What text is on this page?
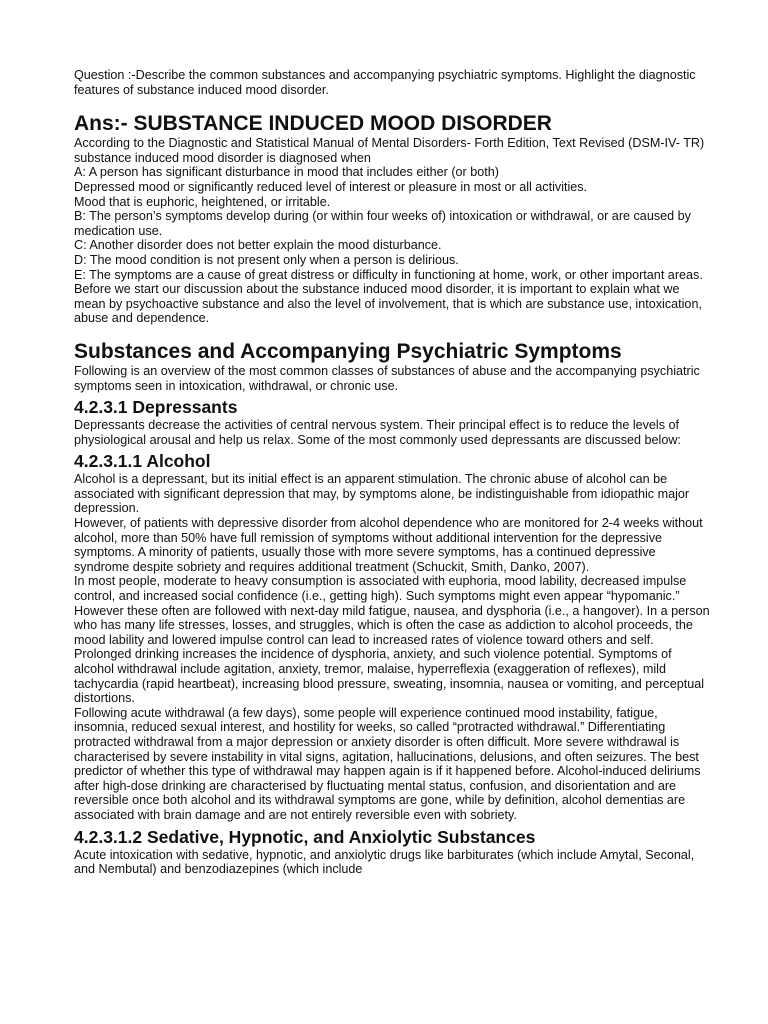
Question :-Describe the common substances and accompanying psychiatric symptoms. Highlight the diagnostic features of substance induced mood disorder.

Ans:- SUBSTANCE INDUCED MOOD DISORDER

According to the Diagnostic and Statistical Manual of Mental Disorders- Forth Edition, Text Revised (DSM-IV- TR) substance induced mood disorder is diagnosed when

A: A person has significant disturbance in mood that includes either (or both)

Depressed mood or significantly reduced level of interest or pleasure in most or all activities.

Mood that is euphoric, heightened, or irritable.

B: The person’s symptoms develop during (or within four weeks of) intoxication or withdrawal, or are caused by medication use.

C: Another disorder does not better explain the mood disturbance.

D: The mood condition is not present only when a person is delirious.

E: The symptoms are a cause of great distress or difficulty in functioning at home, work, or other important areas.

Before we start our discussion about the substance induced mood disorder, it is important to explain what we mean by psychoactive substance and also the level of involvement, that is which are substance use, intoxication, abuse and dependence.

Substances and Accompanying Psychiatric Symptoms

Following is an overview of the most common classes of substances of abuse and the accompanying psychiatric symptoms seen in intoxication, withdrawal, or chronic use.

4.2.3.1 Depressants

Depressants decrease the activities of central nervous system. Their principal effect is to reduce the levels of physiological arousal and help us relax. Some of the most commonly used depressants are discussed below:

4.2.3.1.1 Alcohol

Alcohol is a depressant, but its initial effect is an apparent stimulation. The chronic abuse of alcohol can be associated with significant depression that may, by symptoms alone, be indistinguishable from idiopathic major depression.

However, of patients with depressive disorder from alcohol dependence who are monitored for 2-4 weeks without alcohol, more than 50% have full remission of symptoms without additional intervention for the depressive symptoms. A minority of patients, usually those with more severe symptoms, has a continued depressive syndrome despite sobriety and requires additional treatment (Schuckit, Smith, Danko, 2007).

In most people, moderate to heavy consumption is associated with euphoria, mood lability, decreased impulse control, and increased social confidence (i.e., getting high). Such symptoms might even appear “hypomanic.” However these often are followed with next-day mild fatigue, nausea, and dysphoria (i.e., a hangover). In a person who has many life stresses, losses, and struggles, which is often the case as addiction to alcohol proceeds, the mood lability and lowered impulse control can lead to increased rates of violence toward others and self. Prolonged drinking increases the incidence of dysphoria, anxiety, and such violence potential. Symptoms of alcohol withdrawal include agitation, anxiety, tremor, malaise, hyperreflexia (exaggeration of reflexes), mild tachycardia (rapid heartbeat), increasing blood pressure, sweating, insomnia, nausea or vomiting, and perceptual distortions.

Following acute withdrawal (a few days), some people will experience continued mood instability, fatigue, insomnia, reduced sexual interest, and hostility for weeks, so called “protracted withdrawal.” Differentiating protracted withdrawal from a major depression or anxiety disorder is often difficult. More severe withdrawal is characterised by severe instability in vital signs, agitation, hallucinations, delusions, and often seizures. The best predictor of whether this type of withdrawal may happen again is if it happened before. Alcohol-induced deliriums after high-dose drinking are characterised by fluctuating mental status, confusion, and disorientation and are reversible once both alcohol and its withdrawal symptoms are gone, while by definition, alcohol dementias are associated with brain damage and are not entirely reversible even with sobriety.

4.2.3.1.2 Sedative, Hypnotic, and Anxiolytic Substances

Acute intoxication with sedative, hypnotic, and anxiolytic drugs like barbiturates (which include Amytal, Seconal, and Nembutal) and benzodiazepines (which include
